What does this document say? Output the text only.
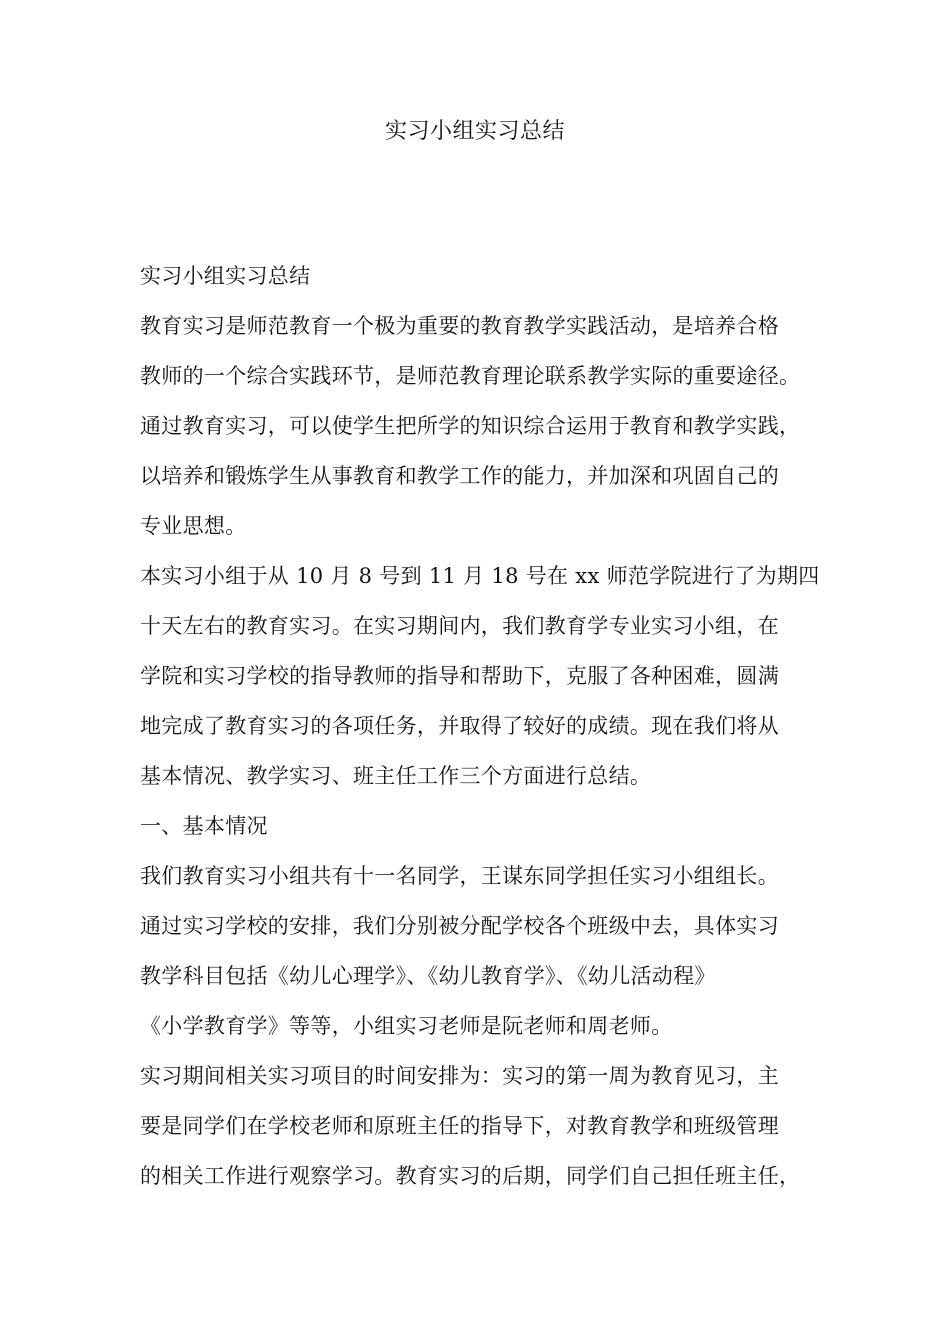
实习小组实习总结
实习小组实习总结
教育实习是师范教育一个极为重要的教育教学实践活动，是培养合格
教师的一个综合实践环节，是师范教育理论联系教学实际的重要途径。
通过教育实习，可以使学生把所学的知识综合运用于教育和教学实践，
以培养和锻炼学生从事教育和教学工作的能力，并加深和巩固自己的
专业思想。
本实习小组于从 10 月 8 号到 11 月 18 号在 xx 师范学院进行了为期四
十天左右的教育实习。在实习期间内，我们教育学专业实习小组，在
学院和实习学校的指导教师的指导和帮助下，克服了各种困难，圆满
地完成了教育实习的各项任务，并取得了较好的成绩。现在我们将从
基本情况、教学实习、班主任工作三个方面进行总结。
一、基本情况
我们教育实习小组共有十一名同学，王谋东同学担任实习小组组长。
通过实习学校的安排，我们分别被分配学校各个班级中去，具体实习
教学科目包括《幼儿心理学》、《幼儿教育学》、《幼儿活动程》
《小学教育学》等等，小组实习老师是阮老师和周老师。
实习期间相关实习项目的时间安排为：实习的第一周为教育见习，主
要是同学们在学校老师和原班主任的指导下，对教育教学和班级管理
的相关工作进行观察学习。教育实习的后期，同学们自己担任班主任，
